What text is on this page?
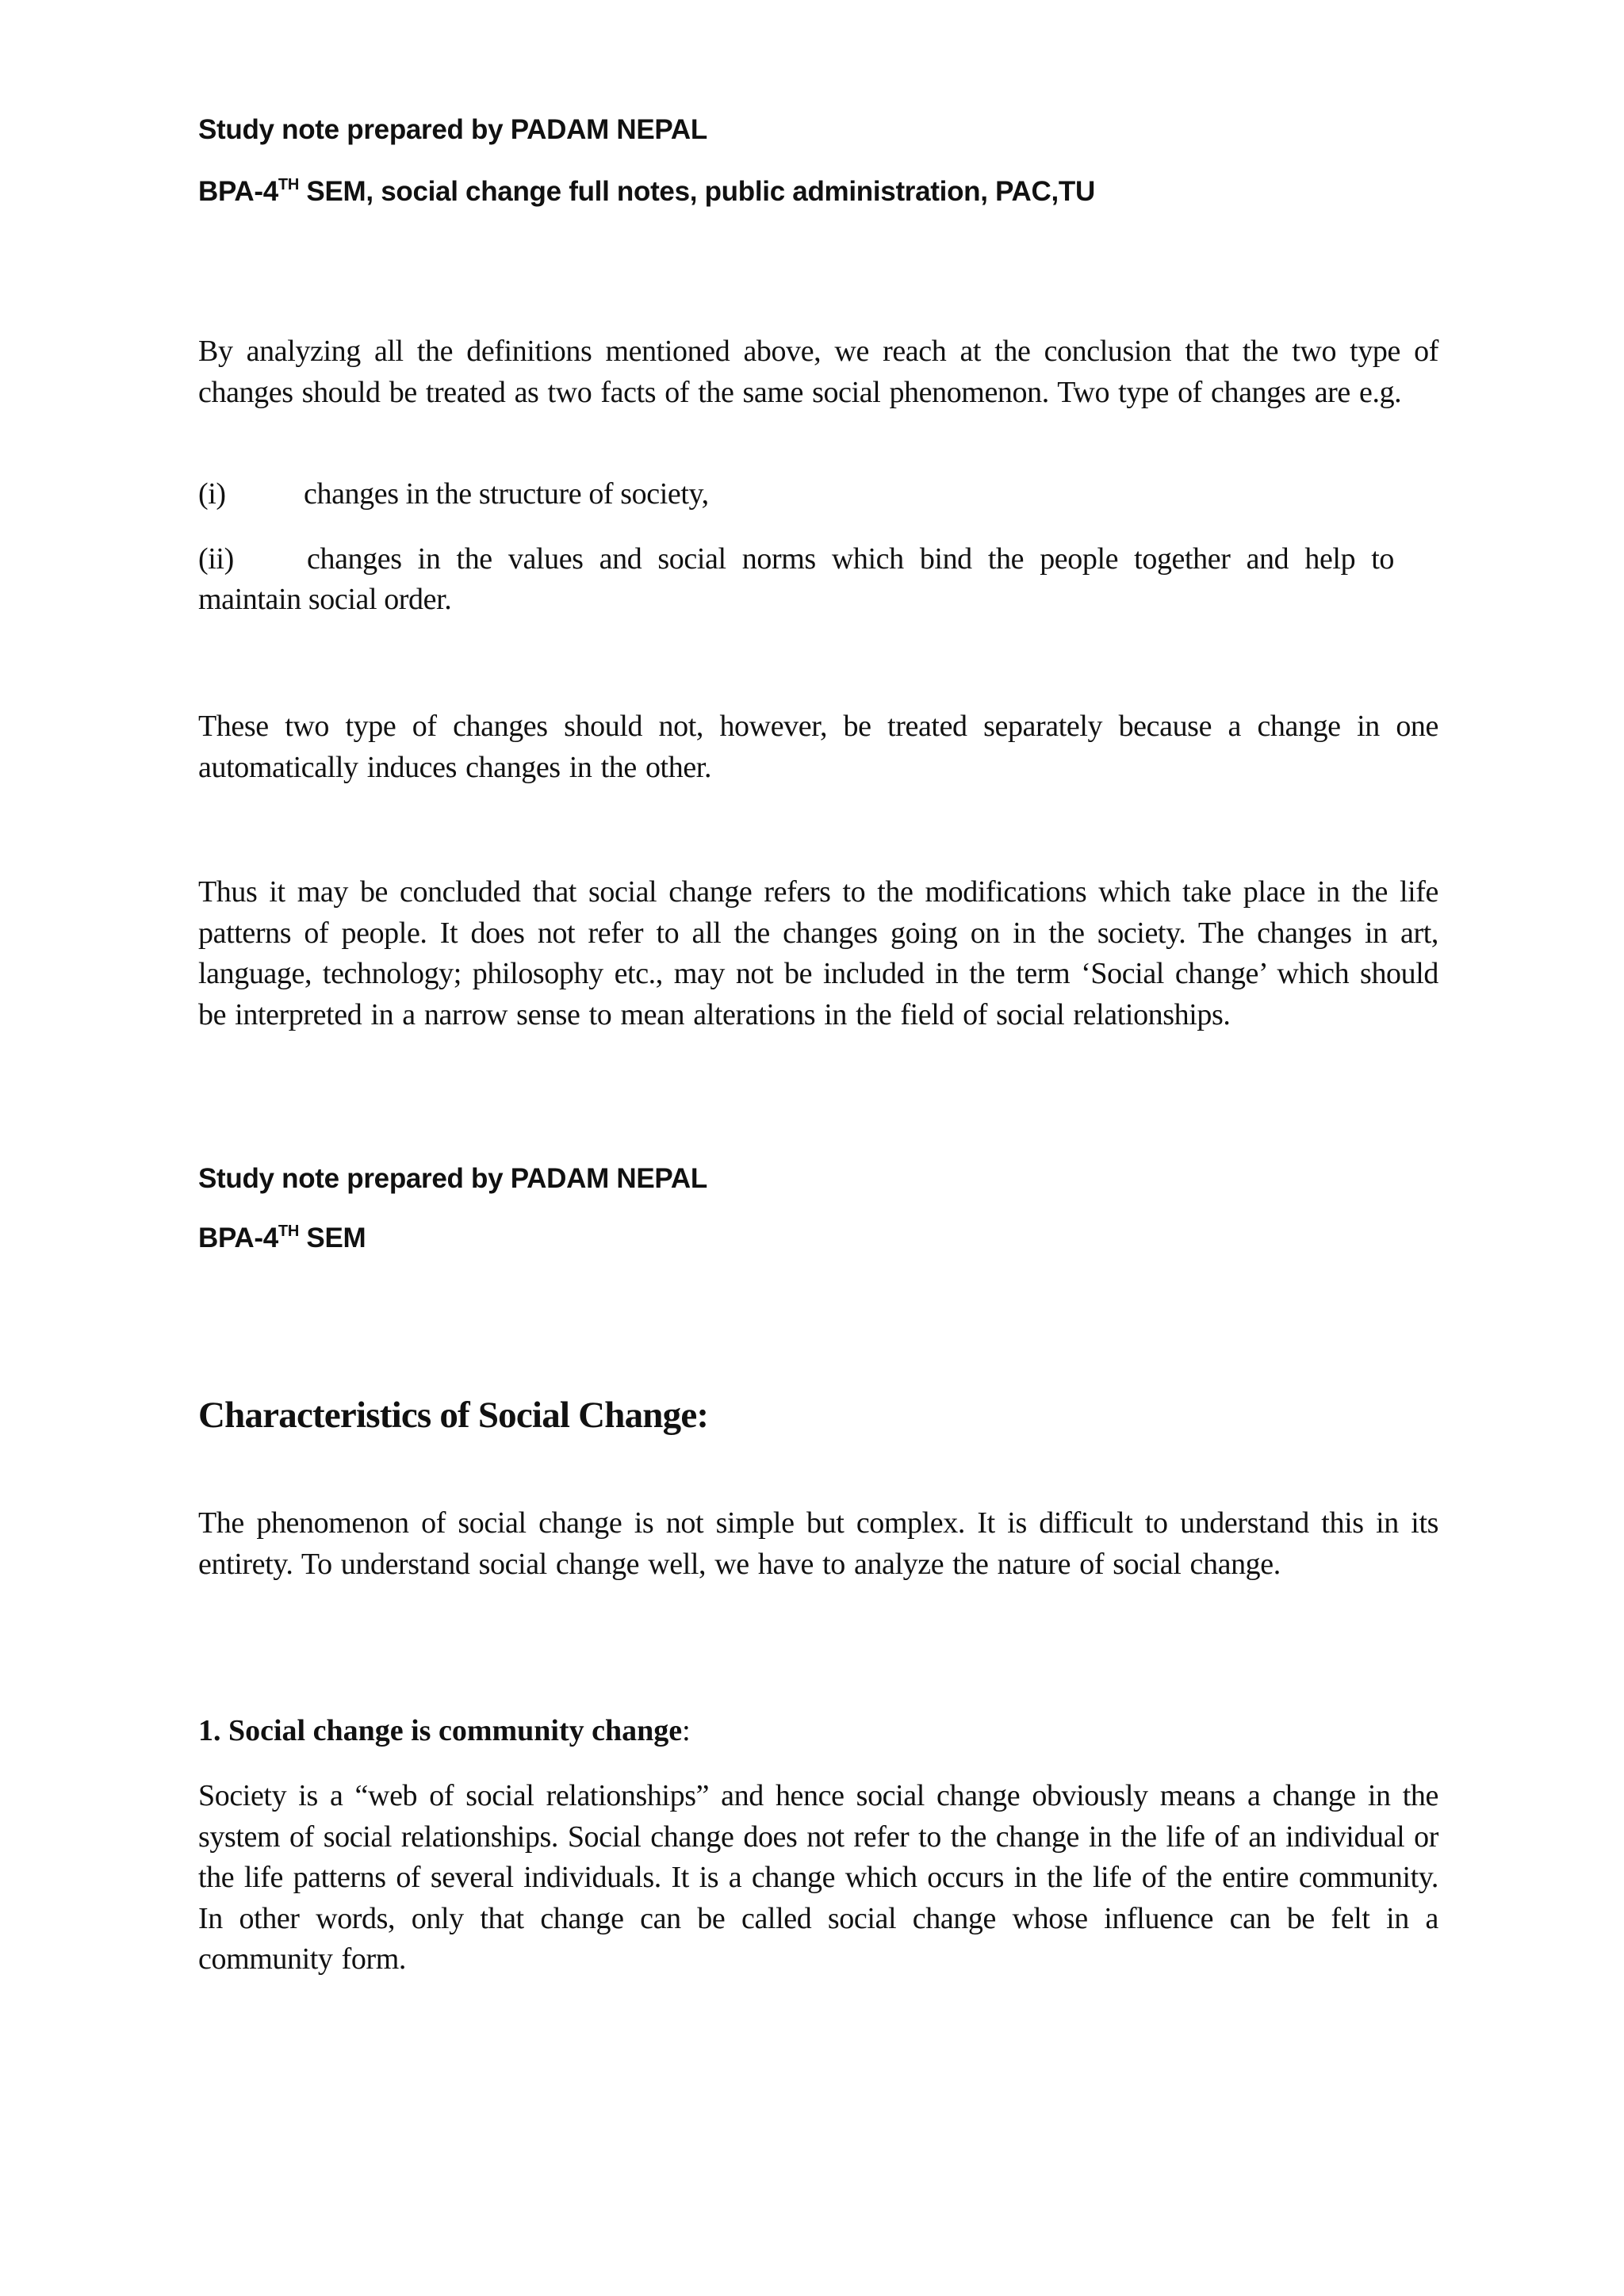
Study note prepared by PADAM NEPAL
BPA-4TH SEM, social change full notes, public administration, PAC,TU
By analyzing all the definitions mentioned above, we reach at the conclusion that the two type of changes should be treated as two facts of the same social phenomenon. Two type of changes are e.g.
(i)	changes in the structure of society,
(ii) changes in the values and social norms which bind the people together and help to
maintain social order.
These two type of changes should not, however, be treated separately because a change in one automatically induces changes in the other.
Thus it may be concluded that social change refers to the modifications which take place in the life patterns of people. It does not refer to all the changes going on in the society. The changes in art, language, technology; philosophy etc., may not be included in the term ‘Social change’ which should be interpreted in a narrow sense to mean alterations in the field of social relationships.
Study note prepared by PADAM NEPAL
BPA-4TH SEM
Characteristics of Social Change:
The phenomenon of social change is not simple but complex. It is difficult to understand this in its entirety. To understand social change well, we have to analyze the nature of social change.
1. Social change is community change:
Society is a “web of social relationships” and hence social change obviously means a change in the system of social relationships. Social change does not refer to the change in the life of an individual or the life patterns of several individuals. It is a change which occurs in the life of the entire community. In other words, only that change can be called social change whose influence can be felt in a community form.
